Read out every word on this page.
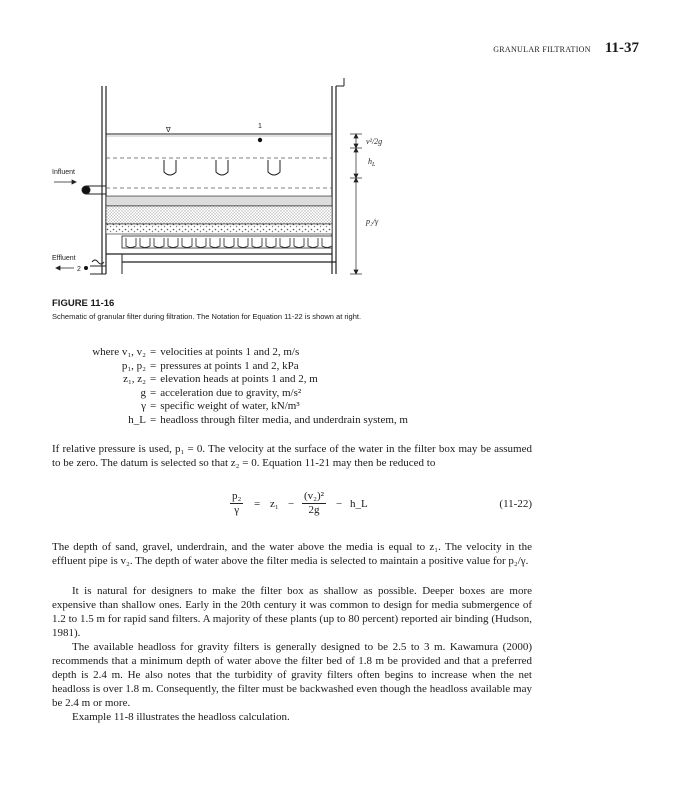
GRANULAR FILTRATION 11-37
∇
1
Influent
Effluent
2
v²/2g
$h_L$
p₂/γ
FIGURE 11-16
Schematic of granular filter during filtration. The Notation for Equation 11-22 is shown at right.
where v₁, v₂ = velocities at points 1 and 2, m/s
p₁, p₂ = pressures at points 1 and 2, kPa
z₁, z₂ = elevation heads at points 1 and 2, m
g = acceleration due to gravity, m/s²
γ = specific weight of water, kN/m³
h_L = headloss through filter media, and underdrain system, m

If relative pressure is used, p₁ = 0. The velocity at the surface of the water in the filter box may be assumed to be zero. The datum is selected so that z₂ = 0. Equation 11-21 may then be reduced to

$\frac{\text{p₂}}{\gamma} = z_1 - \frac{\text{(v₂)²}}{2g}$ − h_L	(11-22)

The depth of sand, gravel, underdrain, and the water above the media is equal to z₁. The velocity in the effluent pipe is v₂. The depth of water above the filter media is selected to maintain a positive value for p₂/γ.

It is natural for designers to make the filter box as shallow as possible. Deeper boxes are more expensive than shallow ones. Early in the 20th century it was common to design for media submergence of 1.2 to 1.5 m for rapid sand filters. A majority of these plants (up to 80 percent) reported air binding (Hudson, 1981).

The available headloss for gravity filters is generally designed to be 2.5 to 3 m. Kawamura (2000) recommends that a minimum depth of water above the filter bed of 1.8 m be provided and that a preferred depth is 2.4 m. He also notes that the turbidity of gravity filters often begins to increase when the net headloss is over 1.8 m. Consequently, the filter must be backwashed even though the headloss available may be 2.4 m or more.

Example 11-8 illustrates the headloss calculation.
